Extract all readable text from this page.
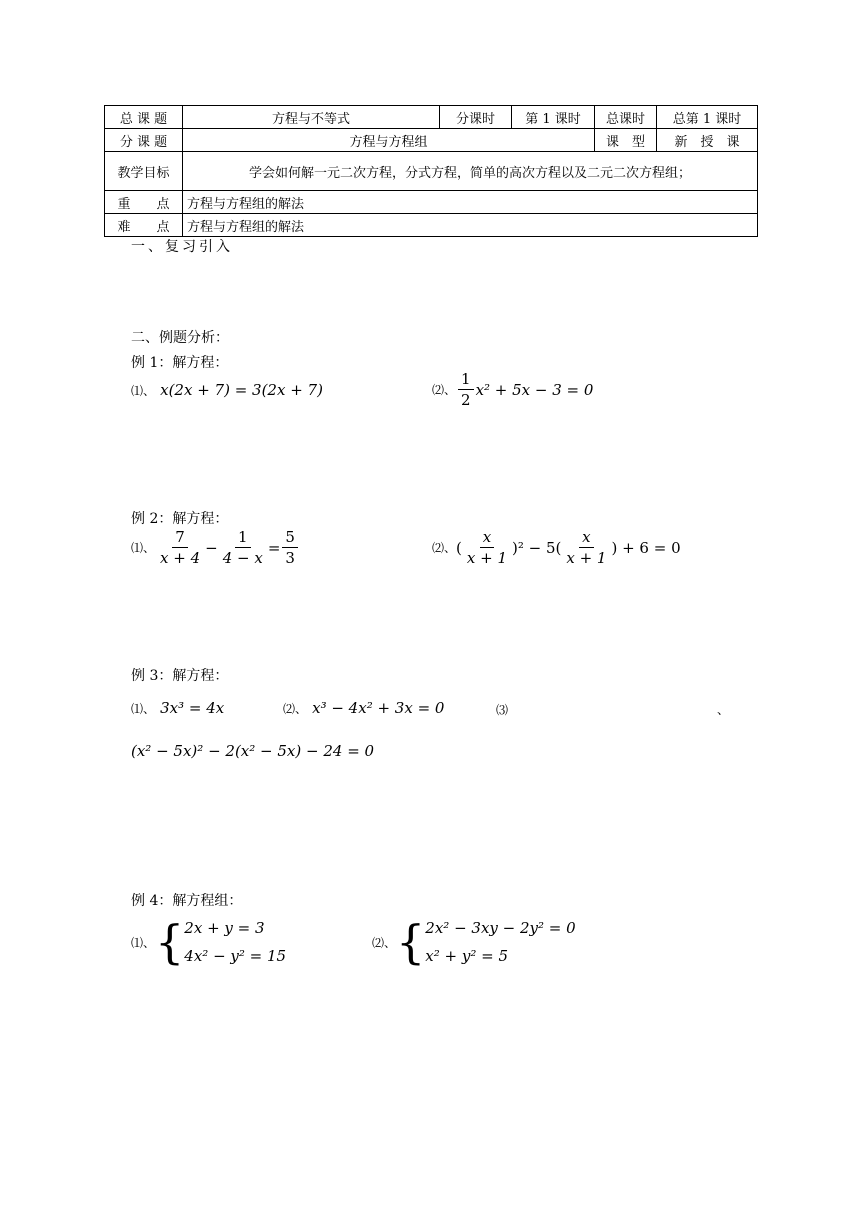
总 课 题	方程与不等式	分课时	第 1 课时	总课时	总第 1 课时
分 课 题	方程与方程组			课　型	新　授　课
教学目标	学会如何解一元二次方程，分式方程，简单的高次方程以及二元二次方程组；				
重　　点	方程与方程组的解法				
难　　点	方程与方程组的解法				
一、复习引入
二、例题分析：
例 1：解方程：
⑴、 x(2x + 7) = 3(2x + 7)	⑵、 $\frac{1}{2} x^2 + 5x - 3 = 0$
例 2：解方程：
⑴、 $\frac{7}{x + 4} - \frac{1}{4 - x} = \frac{5}{3}$	⑵、 ( $\frac{x}{x + 1} )^2 - 5( \frac{x}{x + 1}$ ) + 6 = 0
例 3：解方程：
⑴、 3x³ = 4x	⑵、 x³ − 4x² + 3x = 0	⑶	、
(x² − 5x)² − 2(x² − 5x) − 24 = 0
例 4：解方程组：
⑴、 { 2x + y = 3
4x² − y² = 15
⑵、 { 2x² − 3xy − 2y² = 0
x² + y² = 5
